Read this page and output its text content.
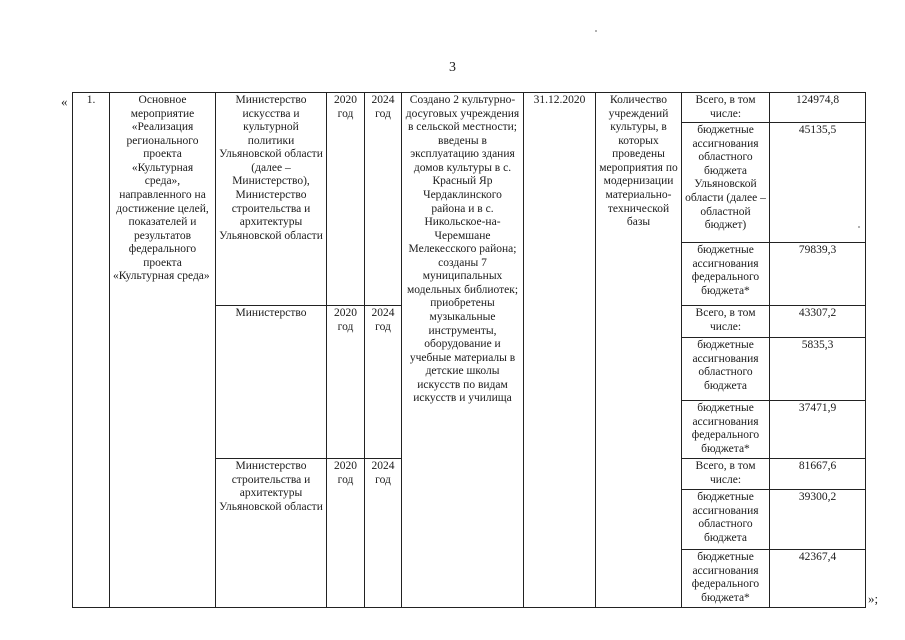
3
« 1.	Основное мероприятие «Реализация регионального проекта «Культурная среда», направленного на достижение целей, показателей и результатов федерального проекта «Культурная среда»	Министерство искусства и культурной политики Ульяновской области (далее – Министерство), Министерство строительства и архитектуры Ульяновской области	2020 год	2024 год	Создано 2 культурно-досуговых учреждения в сельской местности; введены в эксплуатацию здания домов культуры в с. Красный Яр Чердаклинского района и в с. Никольское-на-Черемшане Мелекесского района; созданы 7 муниципальных модельных библиотек; приобретены музыкальные инструменты, оборудование и учебные материалы в детские школы искусств по видам искусств и училища	31.12.2020	Количество учреждений культуры, в которых проведены мероприятия по модернизации материально-технической базы	Всего, в том числе:	124974,8
								бюджетные ассигнования областного бюджета Ульяновской области (далее – областной бюджет)	45135,5
								бюджетные ассигнования федерального бюджета*	79839,3
		Министерство	2020 год	2024 год				Всего, в том числе:	43307,2
								бюджетные ассигнования областного бюджета	5835,3
								бюджетные ассигнования федерального бюджета*	37471,9
		Министерство строительства и архитектуры Ульяновской области	2020 год	2024 год				Всего, в том числе:	81667,6
								бюджетные ассигнования областного бюджета	39300,2
								бюджетные ассигнования федерального бюджета*	42367,4
»;
